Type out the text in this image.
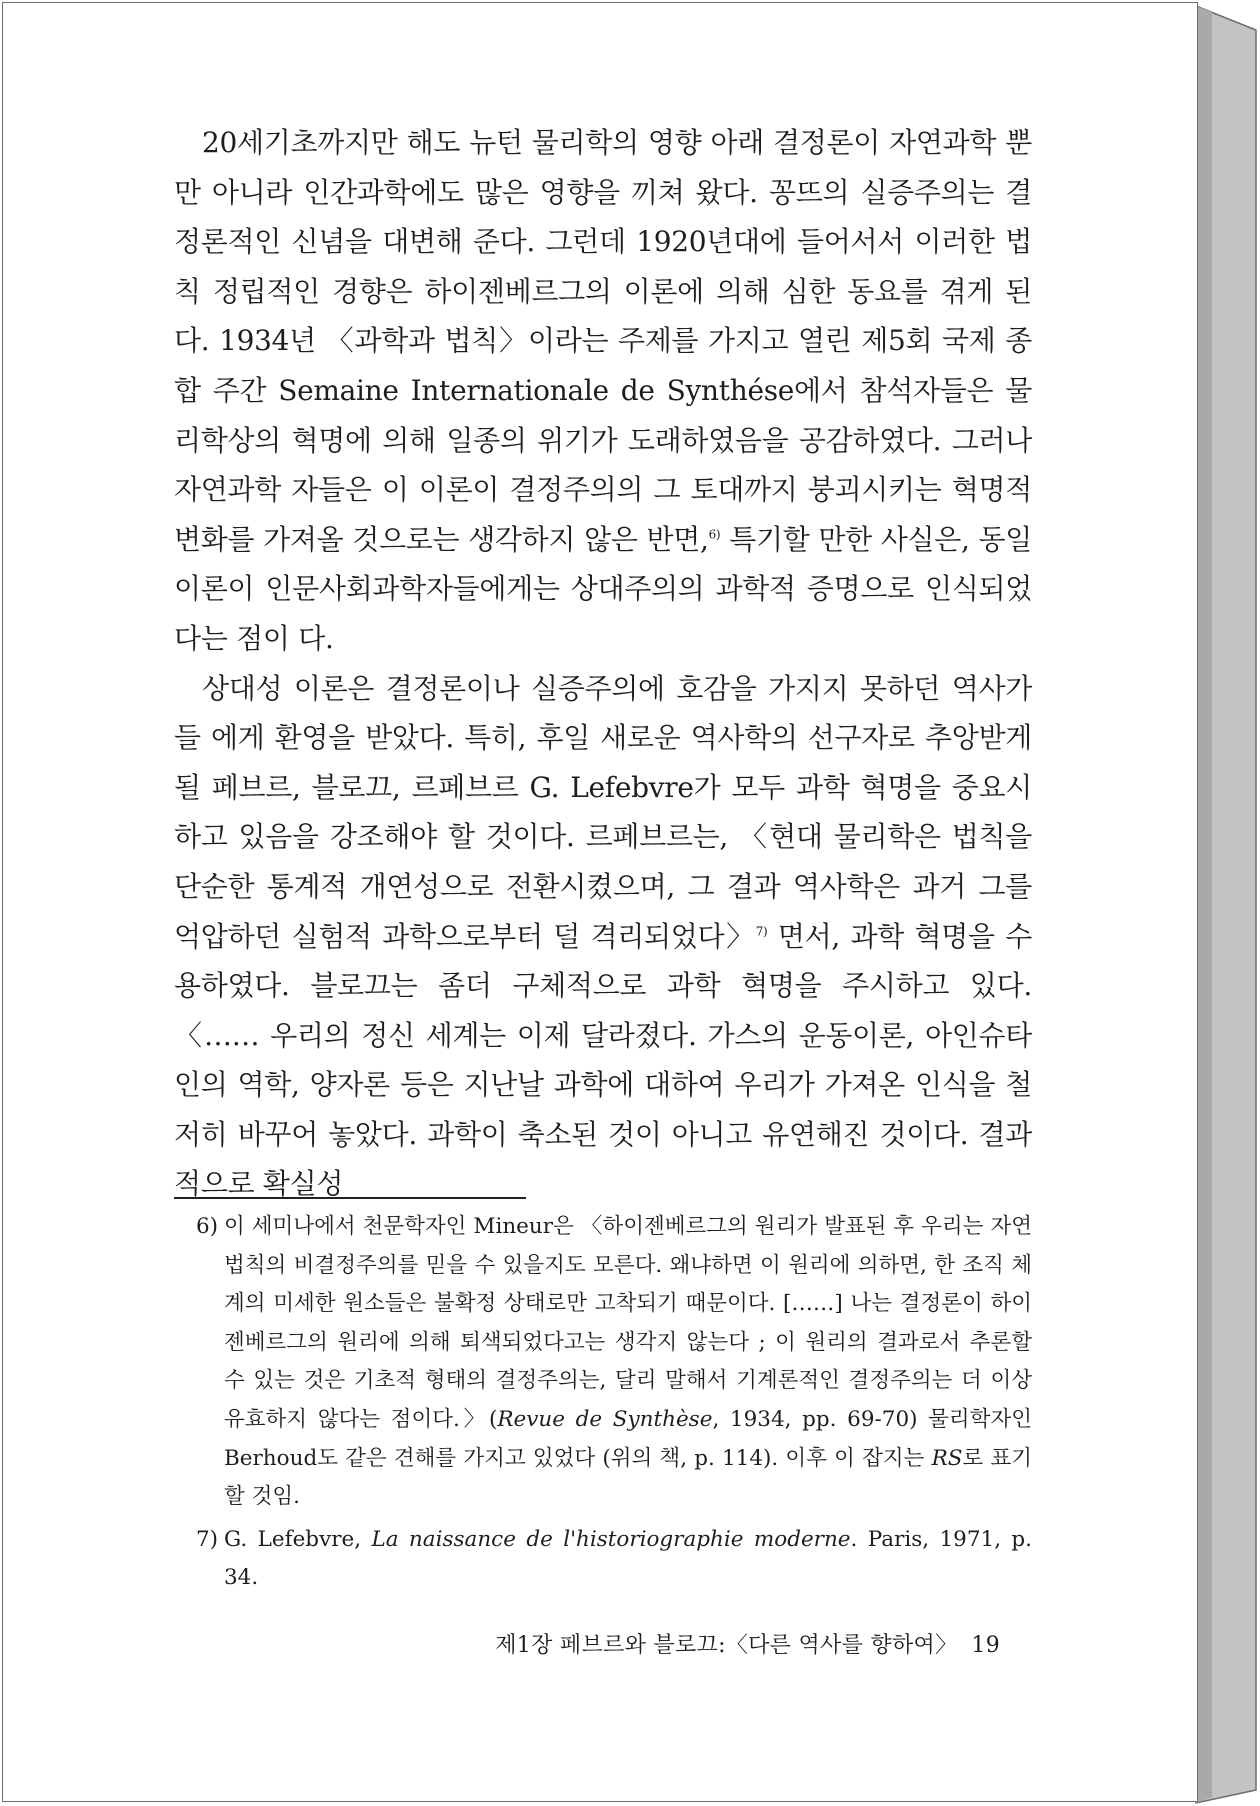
20세기초까지만 해도 뉴턴 물리학의 영향 아래 결정론이 자연과학 뿐만 아니라 인간과학에도 많은 영향을 끼쳐 왔다. 꽁뜨의 실증주의는 결정론적인 신념을 대변해 준다. 그런데 1920년대에 들어서서 이러한 법칙 정립적인 경향은 하이젠베르그의 이론에 의해 심한 동요를 겪게 된다. 1934년 〈과학과 법칙〉이라는 주제를 가지고 열린 제5회 국제 종합 주간 Semaine Internationale de Synthése에서 참석자들은 물리학상의 혁명에 의해 일종의 위기가 도래하였음을 공감하였다. 그러나 자연과학 자들은 이 이론이 결정주의의 그 토대까지 붕괴시키는 혁명적 변화를 가져올 것으로는 생각하지 않은 반면,$^{6)}$ 특기할 만한 사실은, 동일 이론이 인문사회과학자들에게는 상대주의의 과학적 증명으로 인식되었다는 점이 다.

상대성 이론은 결정론이나 실증주의에 호감을 가지지 못하던 역사가들 에게 환영을 받았다. 특히, 후일 새로운 역사학의 선구자로 추앙받게 될 페브르, 블로끄, 르페브르 G. Lefebvre가 모두 과학 혁명을 중요시하고 있음을 강조해야 할 것이다. 르페브르는, 〈현대 물리학은 법칙을 단순한 통계적 개연성으로 전환시켰으며, 그 결과 역사학은 과거 그를 억압하던 실험적 과학으로부터 덜 격리되었다〉$^{7)}$ 면서, 과학 혁명을 수용하였다. 블로끄는 좀더 구체적으로 과학 혁명을 주시하고 있다. 〈…… 우리의 정신 세계는 이제 달라졌다. 가스의 운동이론, 아인슈타인의 역학, 양자론 등은 지난날 과학에 대하여 우리가 가져온 인식을 철저히 바꾸어 놓았다. 과학이 축소된 것이 아니고 유연해진 것이다. 결과적으로 확실성

6) 이 세미나에서 천문학자인 Mineur은 〈하이젠베르그의 원리가 발표된 후 우리는 자연 법칙의 비결정주의를 믿을 수 있을지도 모른다. 왜냐하면 이 원리에 의하면, 한 조직 체계의 미세한 원소들은 불확정 상태로만 고착되기 때문이다. [……] 나는 결정론이 하이젠베르그의 원리에 의해 퇴색되었다고는 생각지 않는다 ; 이 원리의 결과로서 추론할 수 있는 것은 기초적 형태의 결정주의는, 달리 말해서 기계론적인 결정주의는 더 이상 유효하지 않다는 점이다.〉(Revue de Synthèse, 1934, pp. 69-70) 물리학자인 Berhoud도 같은 견해를 가지고 있었다 (위의 책, p. 114). 이후 이 잡지는 RS로 표기할 것임.

7) G. Lefebvre, La naissance de l'historiographie moderne. Paris, 1971, p. 34.

제1장 페브르와 블로끄:〈다른 역사를 향하여〉 19
